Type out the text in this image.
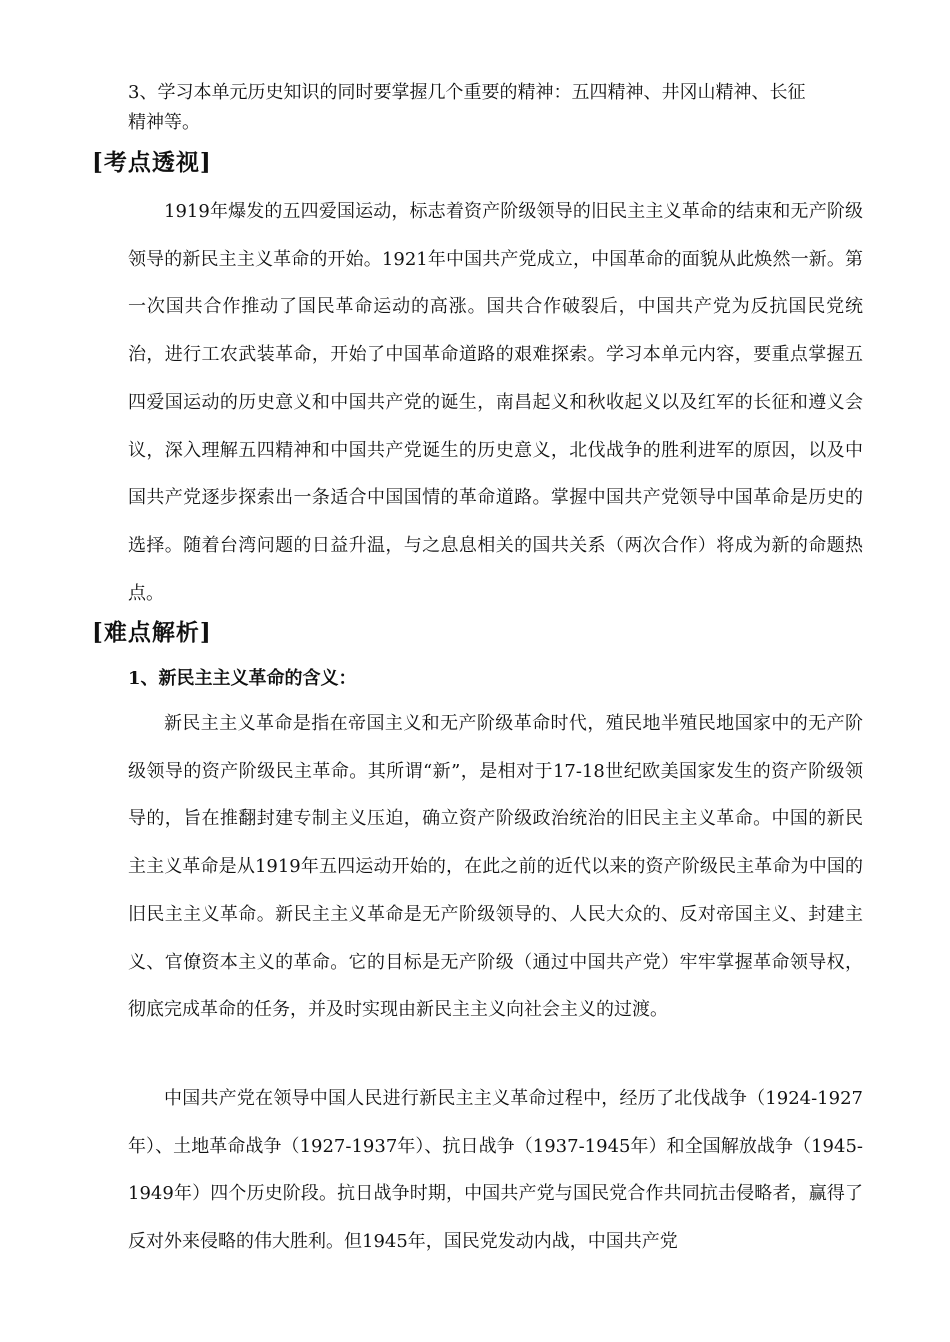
3、学习本单元历史知识的同时要掌握几个重要的精神：五四精神、井冈山精神、长征
精神等。

[考点透视]

1919年爆发的五四爱国运动，标志着资产阶级领导的旧民主主义革命的结束和无产阶级领导的新民主主义革命的开始。1921年中国共产党成立，中国革命的面貌从此焕然一新。第一次国共合作推动了国民革命运动的高涨。国共合作破裂后，中国共产党为反抗国民党统治，进行工农武装革命，开始了中国革命道路的艰难探索。学习本单元内容，要重点掌握五四爱国运动的历史意义和中国共产党的诞生，南昌起义和秋收起义以及红军的长征和遵义会议，深入理解五四精神和中国共产党诞生的历史意义，北伐战争的胜利进军的原因，以及中国共产党逐步探索出一条适合中国国情的革命道路。掌握中国共产党领导中国革命是历史的选择。随着台湾问题的日益升温，与之息息相关的国共关系（两次合作）将成为新的命题热点。

[难点解析]

1、新民主主义革命的含义：

新民主主义革命是指在帝国主义和无产阶级革命时代，殖民地半殖民地国家中的无产阶级领导的资产阶级民主革命。其所谓“新”，是相对于17-18世纪欧美国家发生的资产阶级领导的，旨在推翻封建专制主义压迫，确立资产阶级政治统治的旧民主主义革命。中国的新民主主义革命是从1919年五四运动开始的，在此之前的近代以来的资产阶级民主革命为中国的旧民主主义革命。新民主主义革命是无产阶级领导的、人民大众的、反对帝国主义、封建主义、官僚资本主义的革命。它的目标是无产阶级（通过中国共产党）牢牢掌握革命领导权，彻底完成革命的任务，并及时实现由新民主主义向社会主义的过渡。

中国共产党在领导中国人民进行新民主主义革命过程中，经历了北伐战争（1924-1927年）、土地革命战争（1927-1937年）、抗日战争（1937-1945年）和全国解放战争（1945-1949年）四个历史阶段。抗日战争时期，中国共产党与国民党合作共同抗击侵略者，赢得了反对外来侵略的伟大胜利。但1945年，国民党发动内战，中国共产党
